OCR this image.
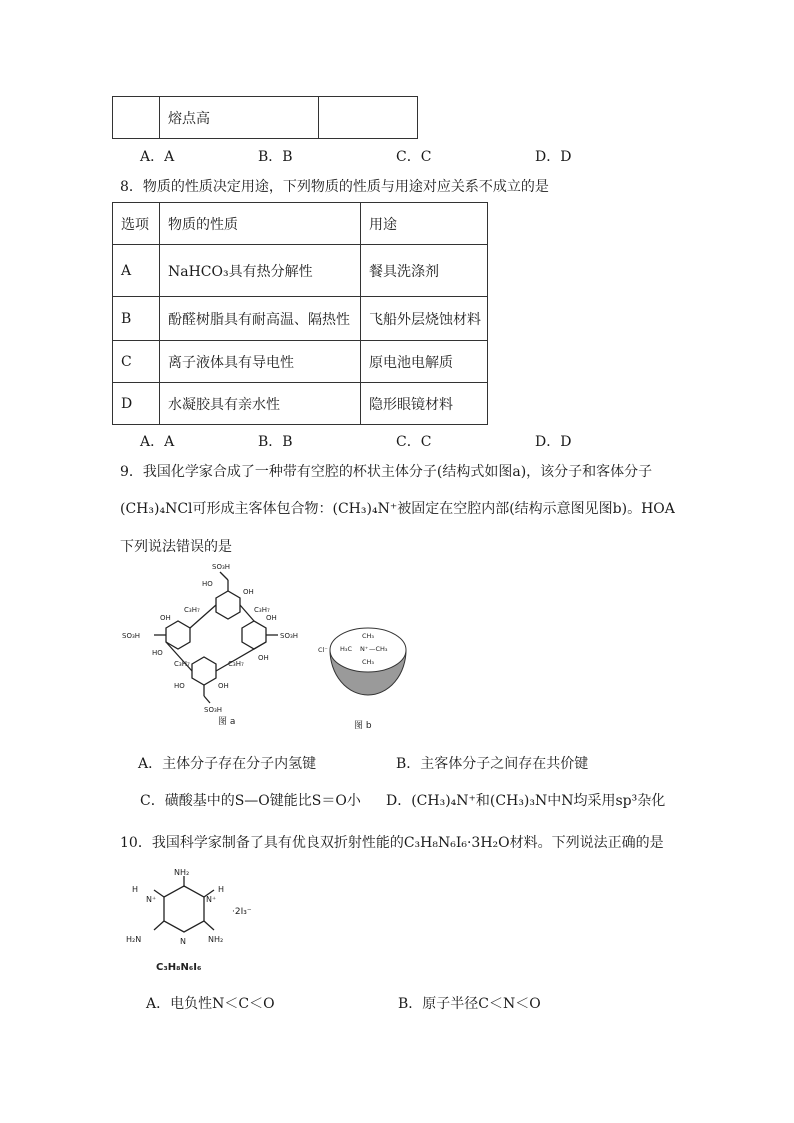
	熔点高	
A．A	B．B	C．C	D．D
8．物质的性质决定用途，下列物质的性质与用途对应关系不成立的是
选项	物质的性质	用途
A	NaHCO₃具有热分解性	餐具洗涤剂
B	酚醛树脂具有耐高温、隔热性	飞船外层烧蚀材料
C	离子液体具有导电性	原电池电解质
D	水凝胶具有亲水性	隐形眼镜材料
A．A	B．B	C．C	D．D
9．我国化学家合成了一种带有空腔的杯状主体分子(结构式如图a)，该分子和客体分子
(CH₃)₄NCl可形成主客体包合物：(CH₃)₄N⁺被固定在空腔内部(结构示意图见图b)。HOA
下列说法错误的是
SO₃H
HO
OH
C₃H₇	C₃H₇
OH
SO₃H
HO
OH
SO₃H
OH
C₃H₇	C₃H₇
HO	OH
SO₃H
图 a
Cl⁻
CH₃
H₃C N⁺ —CH₃
CH₃
图 b
A．主体分子存在分子内氢键	B．主客体分子之间存在共价键
C．磺酸基中的S—O键能比S＝O小 D．(CH₃)₄N⁺和(CH₃)₃N中N均采用sp³杂化
10．我国科学家制备了具有优良双折射性能的C₃H₈N₆I₆·3H₂O材料。下列说法正确的是
NH₂
H
N⁺	N⁺
H
·2I₃⁻
H₂N	N	NH₂
C₃H₈N₆I₆
A．电负性N＜C＜O	B．原子半径C＜N＜O
